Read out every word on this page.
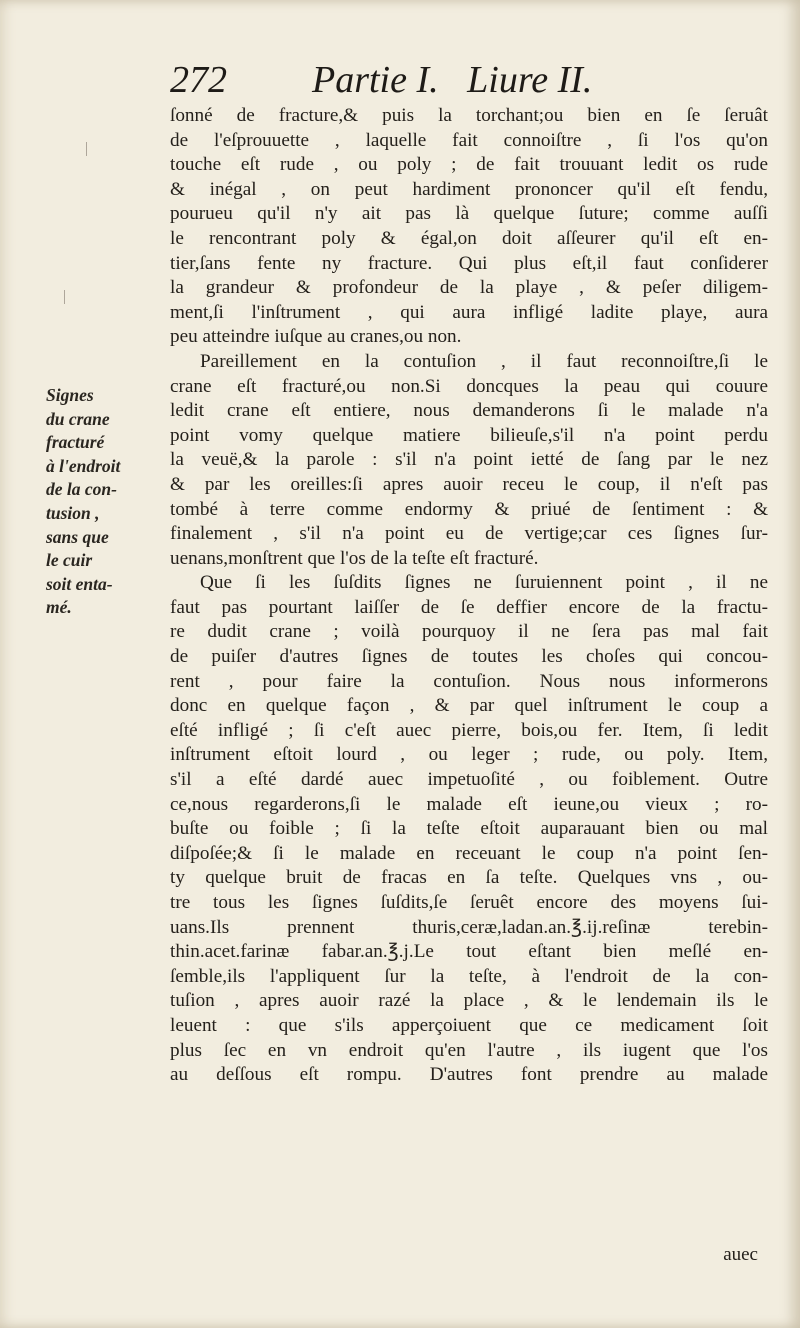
272 Partie I.   Liure II.
Signes
du crane
fracturé
à l'endroit
de la con-
tusion ,
sans que
le cuir
soit enta-
mé.
ſonné de fracture,& puis la torchant;ou bien en ſe ſeruât
de l'eſprouuette , laquelle fait connoiſtre , ſi l'os qu'on
touche eſt rude , ou poly ; de fait trouuant ledit os rude
& inégal , on peut hardiment prononcer qu'il eſt fendu,
pourueu qu'il n'y ait pas là quelque ſuture; comme auſſi
le rencontrant poly & égal,on doit aſſeurer qu'il eſt en-
tier,ſans fente ny fracture. Qui plus eſt,il faut conſiderer
la grandeur & profondeur de la playe , & peſer diligem-
ment,ſi l'inſtrument , qui aura infligé ladite playe, aura
peu atteindre iuſque au cranes,ou non.
Pareillement en la contuſion , il faut reconnoiſtre,ſi le
crane eſt fracturé,ou non.Si doncques la peau qui couure
ledit crane eſt entiere, nous demanderons ſi le malade n'a
point vomy quelque matiere bilieuſe,s'il n'a point perdu
la veuë,& la parole : s'il n'a point ietté de ſang par le nez
& par les oreilles:ſi apres auoir receu le coup, il n'eſt pas
tombé à terre comme endormy & priué de ſentiment : &
finalement , s'il n'a point eu de vertige;car ces ſignes ſur-
uenans,monſtrent que l'os de la teſte eſt fracturé.
Que ſi les ſuſdits ſignes ne ſuruiennent point , il ne
faut pas pourtant laiſſer de ſe deffier encore de la fractu-
re dudit crane ; voilà pourquoy il ne ſera pas mal fait
de puiſer d'autres ſignes de toutes les choſes qui concou-
rent , pour faire la contuſion. Nous nous informerons
donc en quelque façon , & par quel inſtrument le coup a
eſté infligé ; ſi c'eſt auec pierre, bois,ou fer. Item, ſi ledit
inſtrument eſtoit lourd , ou leger ; rude, ou poly. Item,
s'il a eſté dardé auec impetuoſité , ou foiblement. Outre
ce,nous regarderons,ſi le malade eſt ieune,ou vieux ; ro-
buſte ou foible ; ſi la teſte eſtoit auparauant bien ou mal
diſpoſée;& ſi le malade en receuant le coup n'a point ſen-
ty quelque bruit de fracas en ſa teſte. Quelques vns , ou-
tre tous les ſignes ſuſdits,ſe ſeruêt encore des moyens ſui-
uans.Ils prennent thuris,ceræ,ladan.an.℥.ij.reſinæ terebin-
thin.acet.farinæ fabar.an.℥.j.Le tout eſtant bien meſlé en-
ſemble,ils l'appliquent ſur la teſte, à l'endroit de la con-
tuſion , apres auoir razé la place , & le lendemain ils le
leuent : que s'ils apperçoiuent que ce medicament ſoit
plus ſec en vn endroit qu'en l'autre , ils iugent que l'os
au deſſous eſt rompu. D'autres font prendre au malade
auec
